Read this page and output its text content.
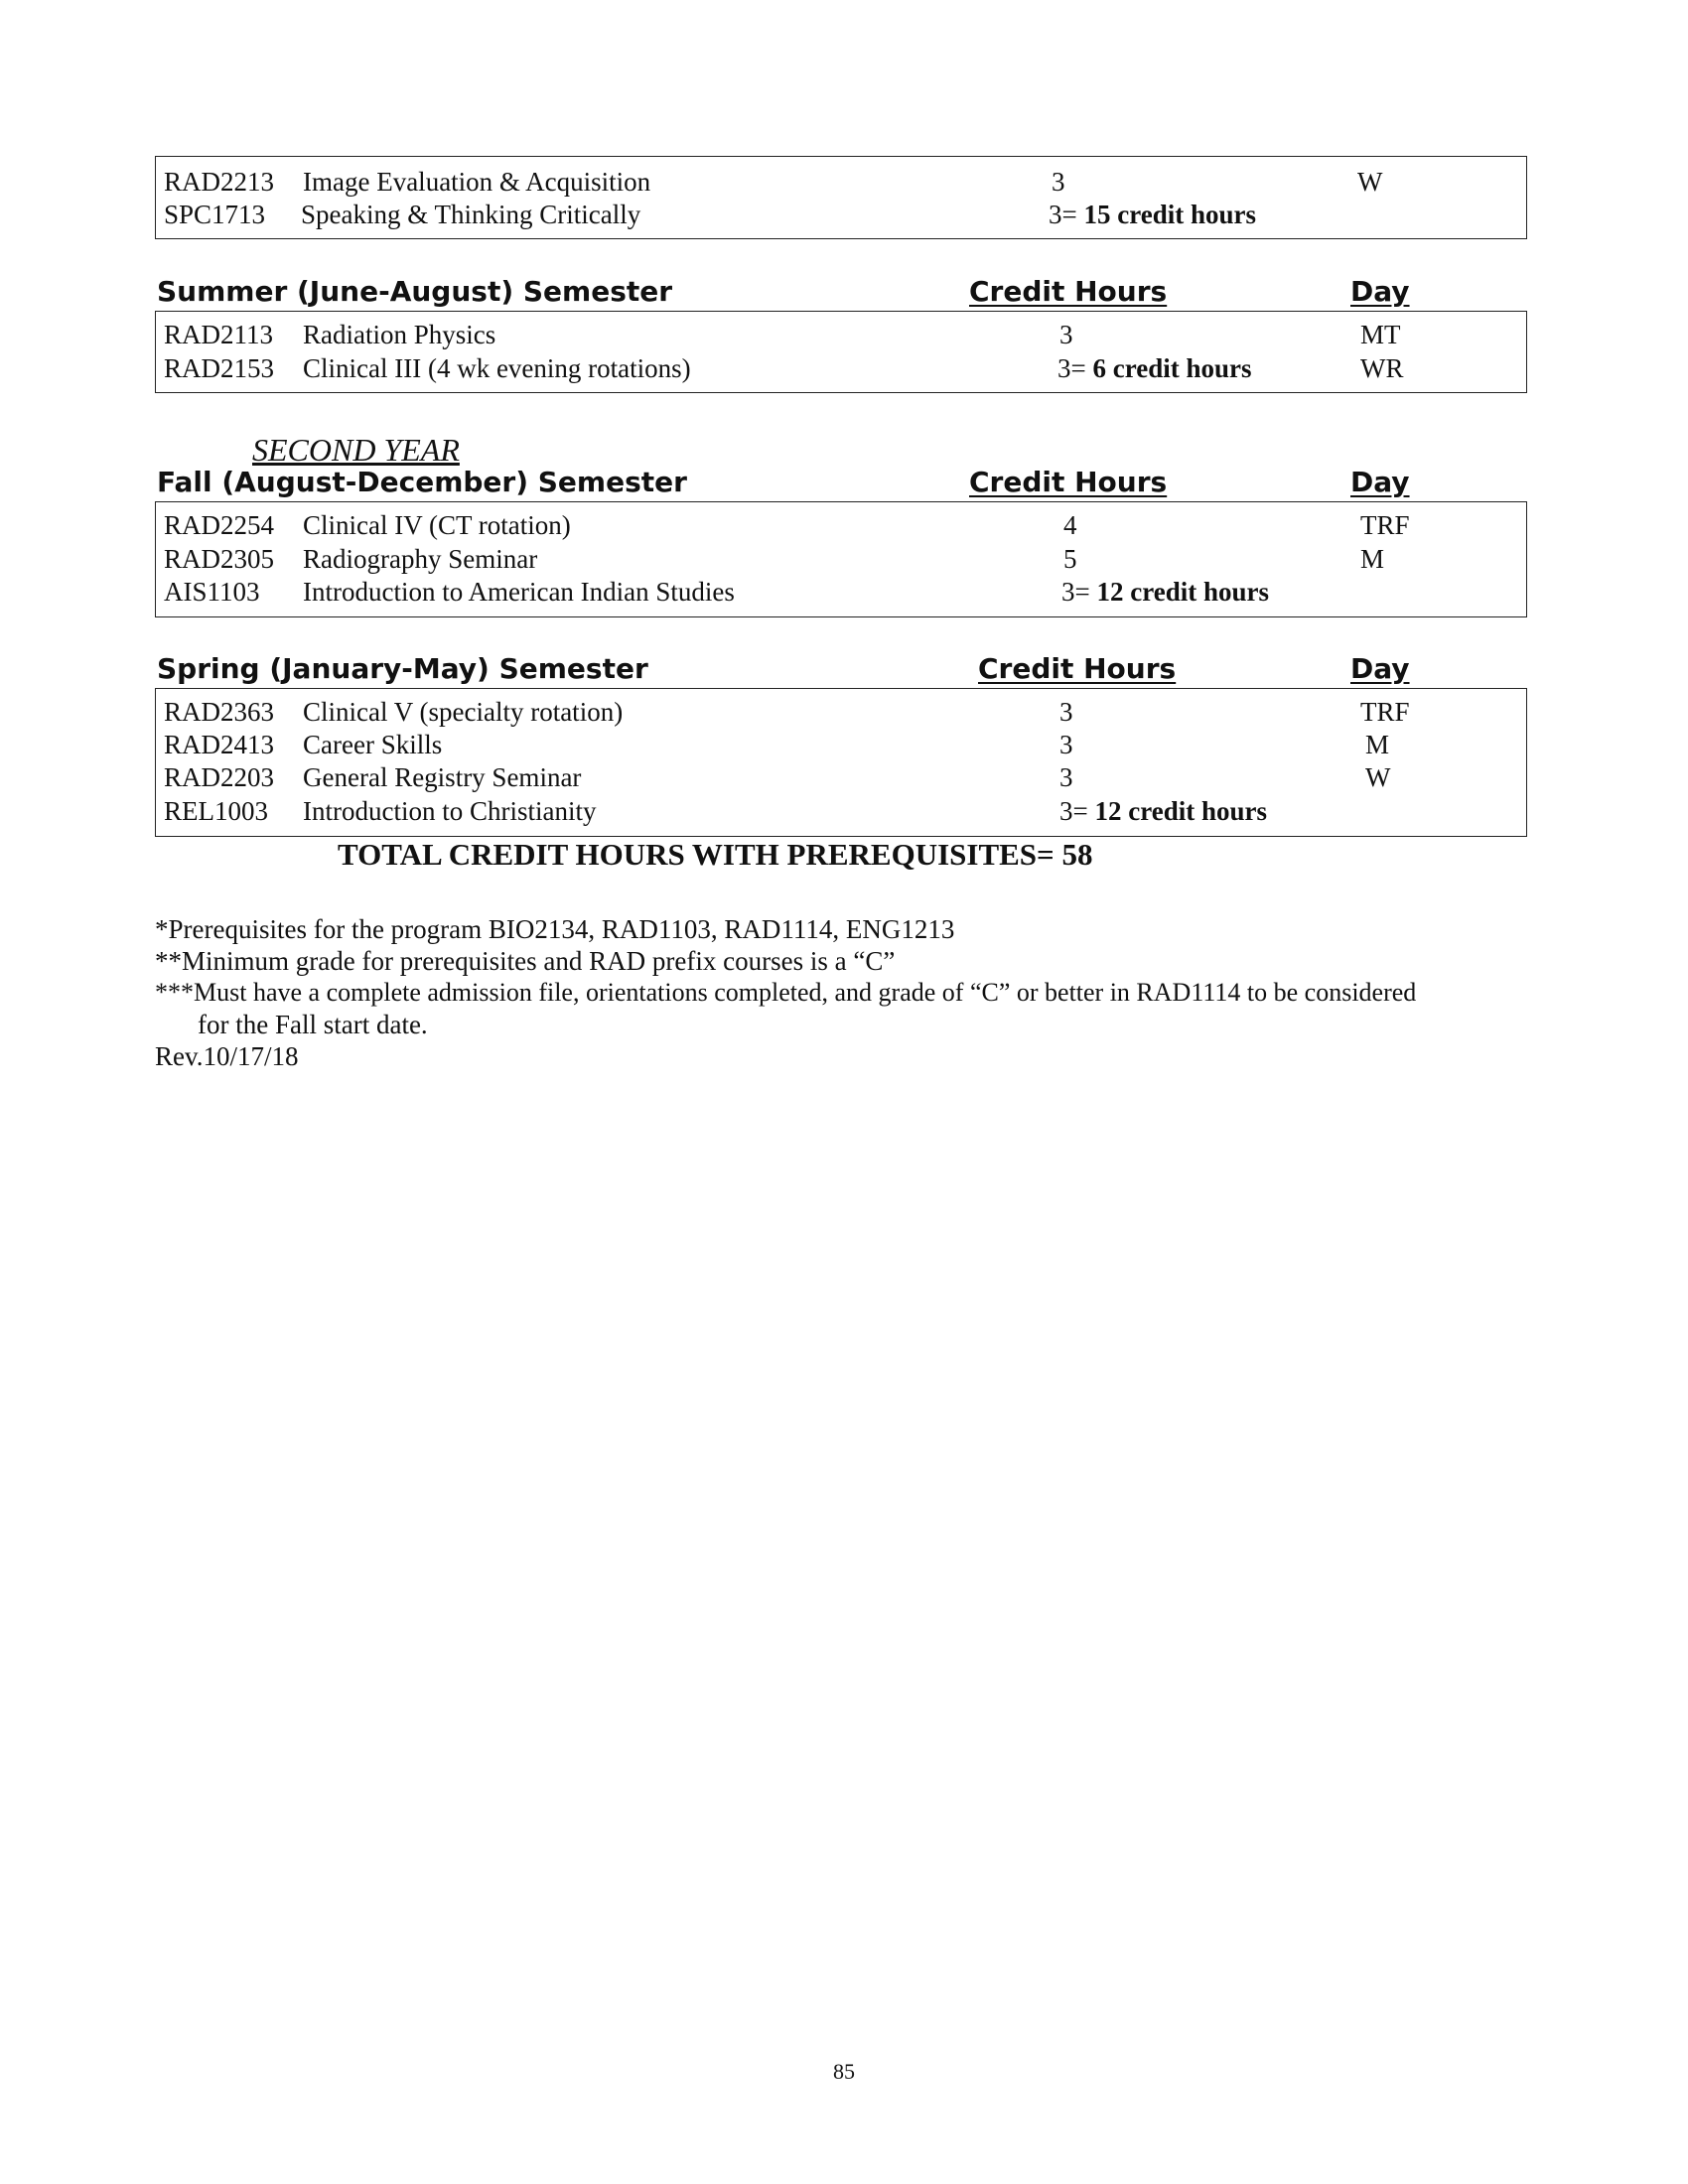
RAD2213 Image Evaluation & Acquisition	3	W
SPC1713 Speaking & Thinking Critically	3= 15 credit hours
Summer (June-August) Semester	Credit Hours	Day
RAD2113 Radiation Physics	3	MT
RAD2153 Clinical III (4 wk evening rotations)	3= 6 credit hours	WR
SECOND YEAR
Fall (August-December) Semester	Credit Hours	Day
RAD2254 Clinical IV (CT rotation)	4	TRF
RAD2305 Radiography Seminar	5	M
AIS1103 Introduction to American Indian Studies	3= 12 credit hours
Spring (January-May) Semester	Credit Hours	Day
RAD2363 Clinical V (specialty rotation)	3	TRF
RAD2413 Career Skills	3	M
RAD2203 General Registry Seminar	3	W
REL1003 Introduction to Christianity	3= 12 credit hours
TOTAL CREDIT HOURS WITH PREREQUISITES= 58
*Prerequisites for the program BIO2134, RAD1103, RAD1114, ENG1213
**Minimum grade for prerequisites and RAD prefix courses is a “C”
***Must have a complete admission file, orientations completed, and grade of “C” or better in RAD1114 to be considered
for the Fall start date.
Rev.10/17/18
85
